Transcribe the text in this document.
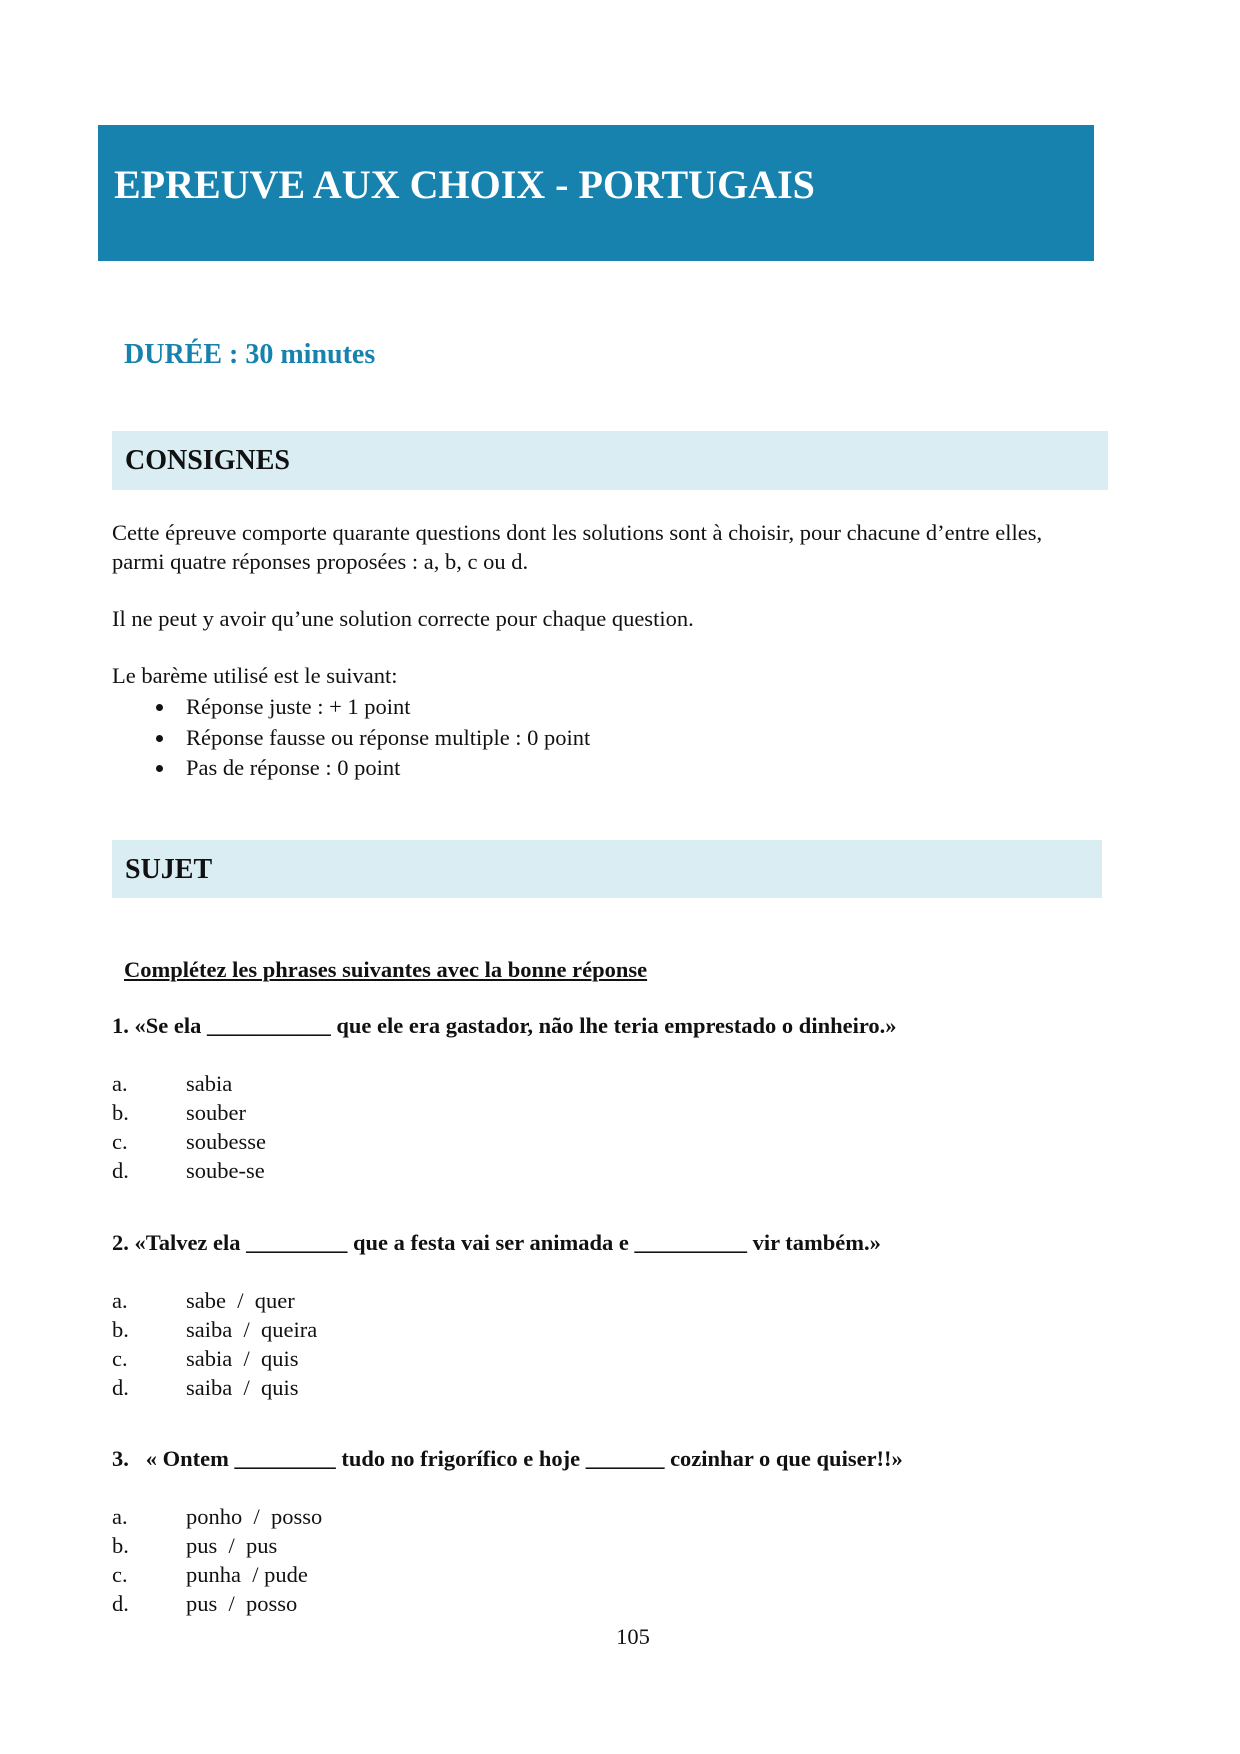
EPREUVE AUX CHOIX - PORTUGAIS

DURÉE : 30 minutes

CONSIGNES

Cette épreuve comporte quarante questions dont les solutions sont à choisir, pour chacune d’entre elles,
parmi quatre réponses proposées : a, b, c ou d.

Il ne peut y avoir qu’une solution correcte pour chaque question.

Le barème utilisé est le suivant:

Réponse juste : + 1 point
Réponse fausse ou réponse multiple : 0 point
Pas de réponse : 0 point
SUJET

Complétez les phrases suivantes avec la bonne réponse

1. «Se ela ___________ que ele era gastador, não lhe teria emprestado o dinheiro.»

a.	sabia
b.	souber
c.	soubesse
d.	soube-se

2. «Talvez ela _________ que a festa vai ser animada e __________ vir também.»

a.	sabe  /  quer
b.	saiba  /  queira
c.	sabia  /  quis
d.	saiba  /  quis

3.   « Ontem _________ tudo no frigorífico e hoje _______ cozinhar o que quiser!!»

a.	ponho  /  posso
b.	pus  /  pus
c.	punha  / pude
d.	pus  /  posso
105
